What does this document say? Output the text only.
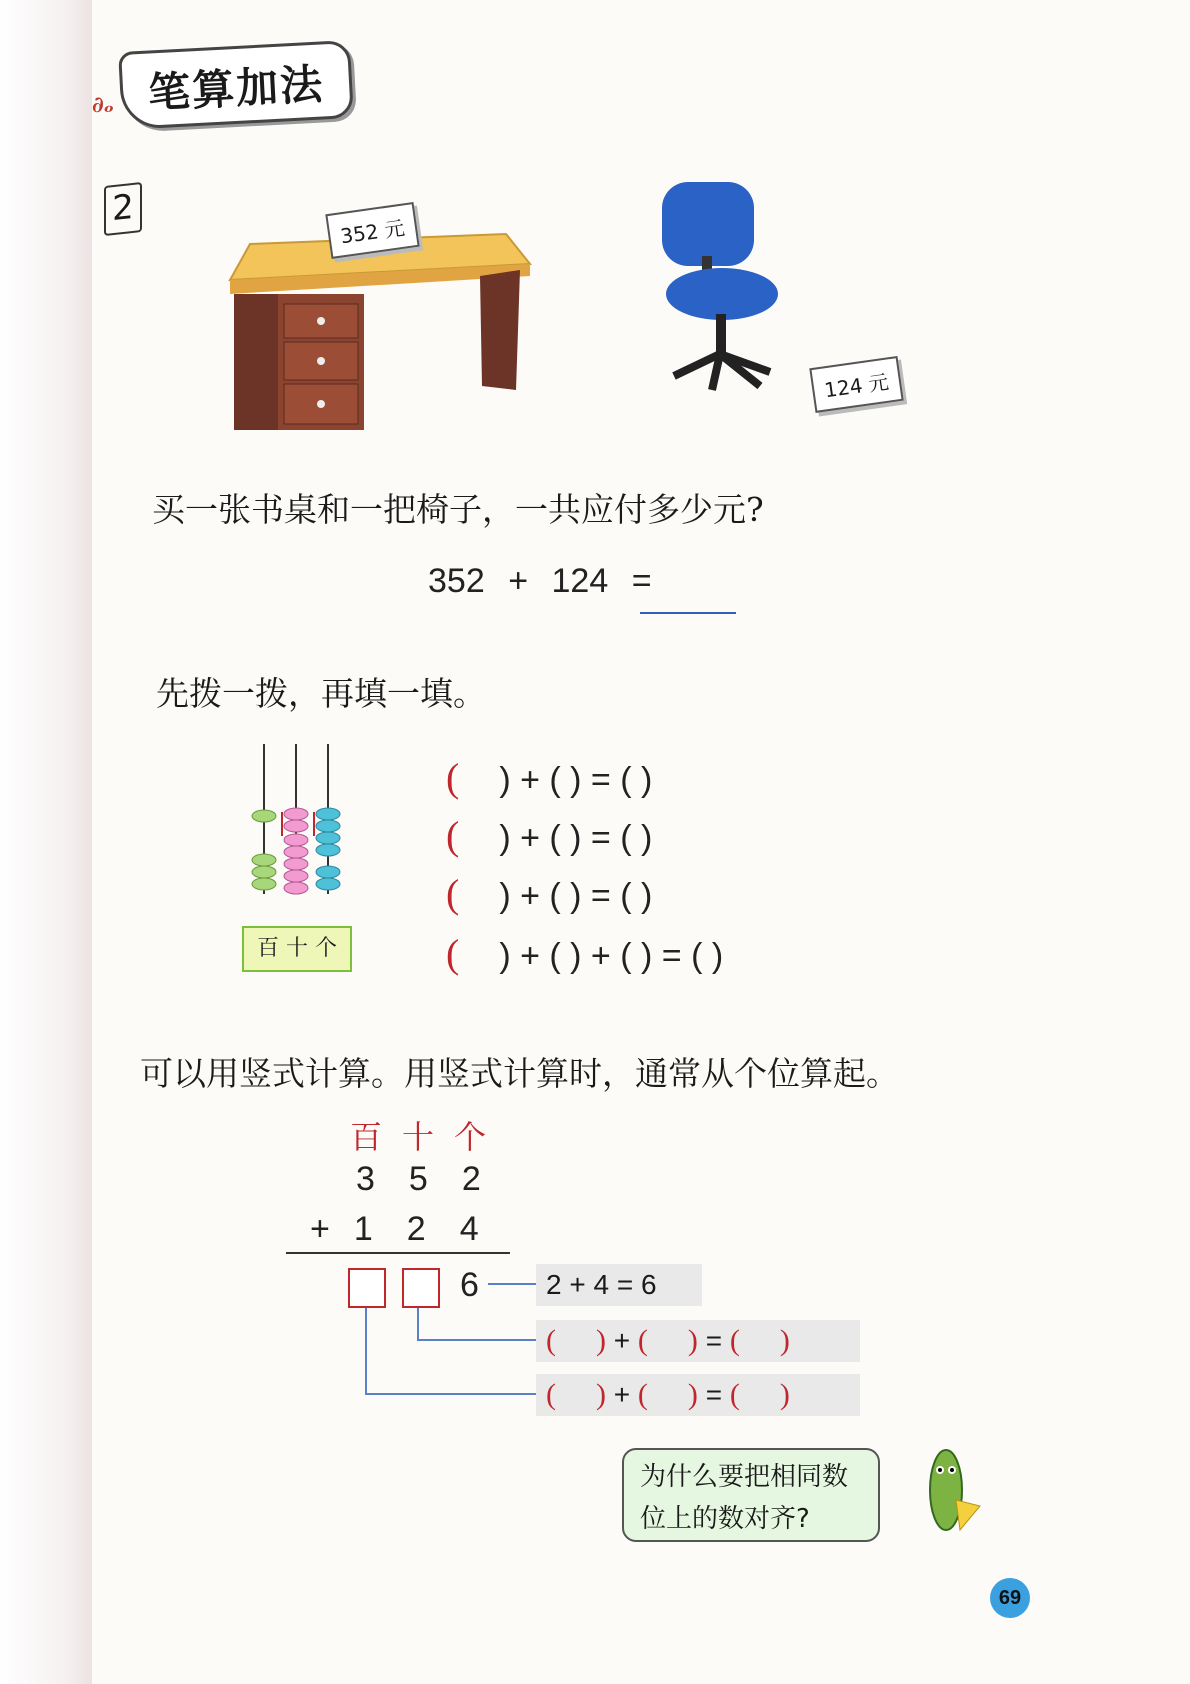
笔算加法
∂ₒ
2
352 元
124 元
买一张书桌和一把椅子，一共应付多少元?
352 + 124 =
先拨一拨，再填一填。
百 十 个
( ) + ( ) = ( )
( ) + ( ) = ( )
( ) + ( ) = ( )
( ) + ( ) + ( ) = ( )
可以用竖式计算。用竖式计算时，通常从个位算起。
百 十 个
3 5 2
+ 1 2 4
6	2 + 4 = 6
( ) + ( ) = ( )
( ) + ( ) = ( )
为什么要把相同数位上的数对齐?
69
